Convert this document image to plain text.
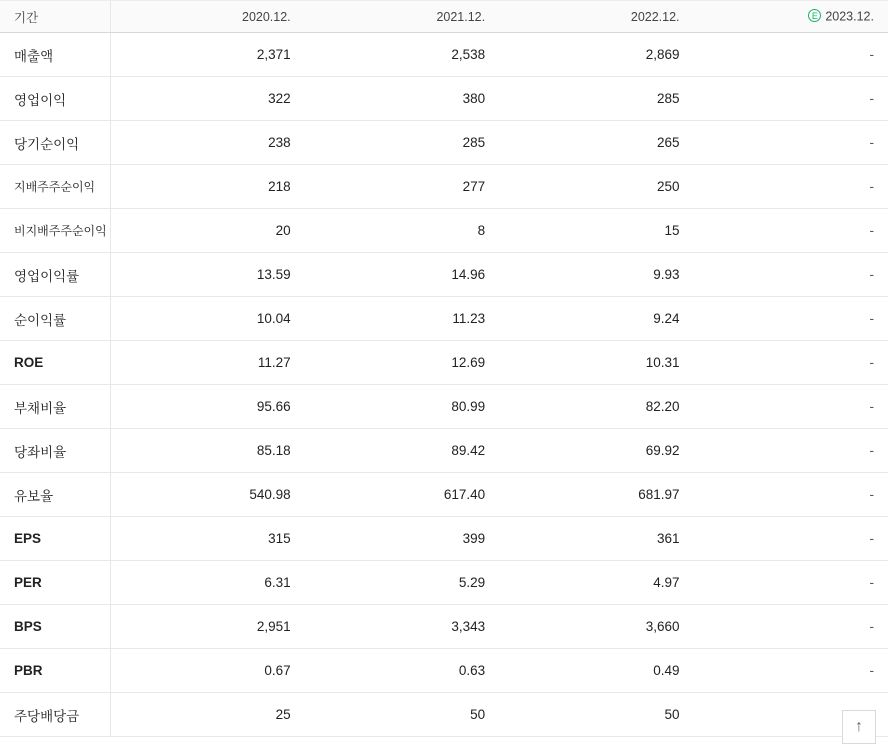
기간	2020.12.	2021.12.	2022.12.	E 2023.12.
매출액	2,371	2,538	2,869	-
영업이익	322	380	285	-
당기순이익	238	285	265	-
지배주주순이익	218	277	250	-
비지배주주순이익	20	8	15	-
영업이익률	13.59	14.96	9.93	-
순이익률	10.04	11.23	9.24	-
ROE	11.27	12.69	10.31	-
부채비율	95.66	80.99	82.20	-
당좌비율	85.18	89.42	69.92	-
유보율	540.98	617.40	681.97	-
EPS	315	399	361	-
PER	6.31	5.29	4.97	-
BPS	2,951	3,343	3,660	-
PBR	0.67	0.63	0.49	-
주당배당금	25	50	50	
↑
